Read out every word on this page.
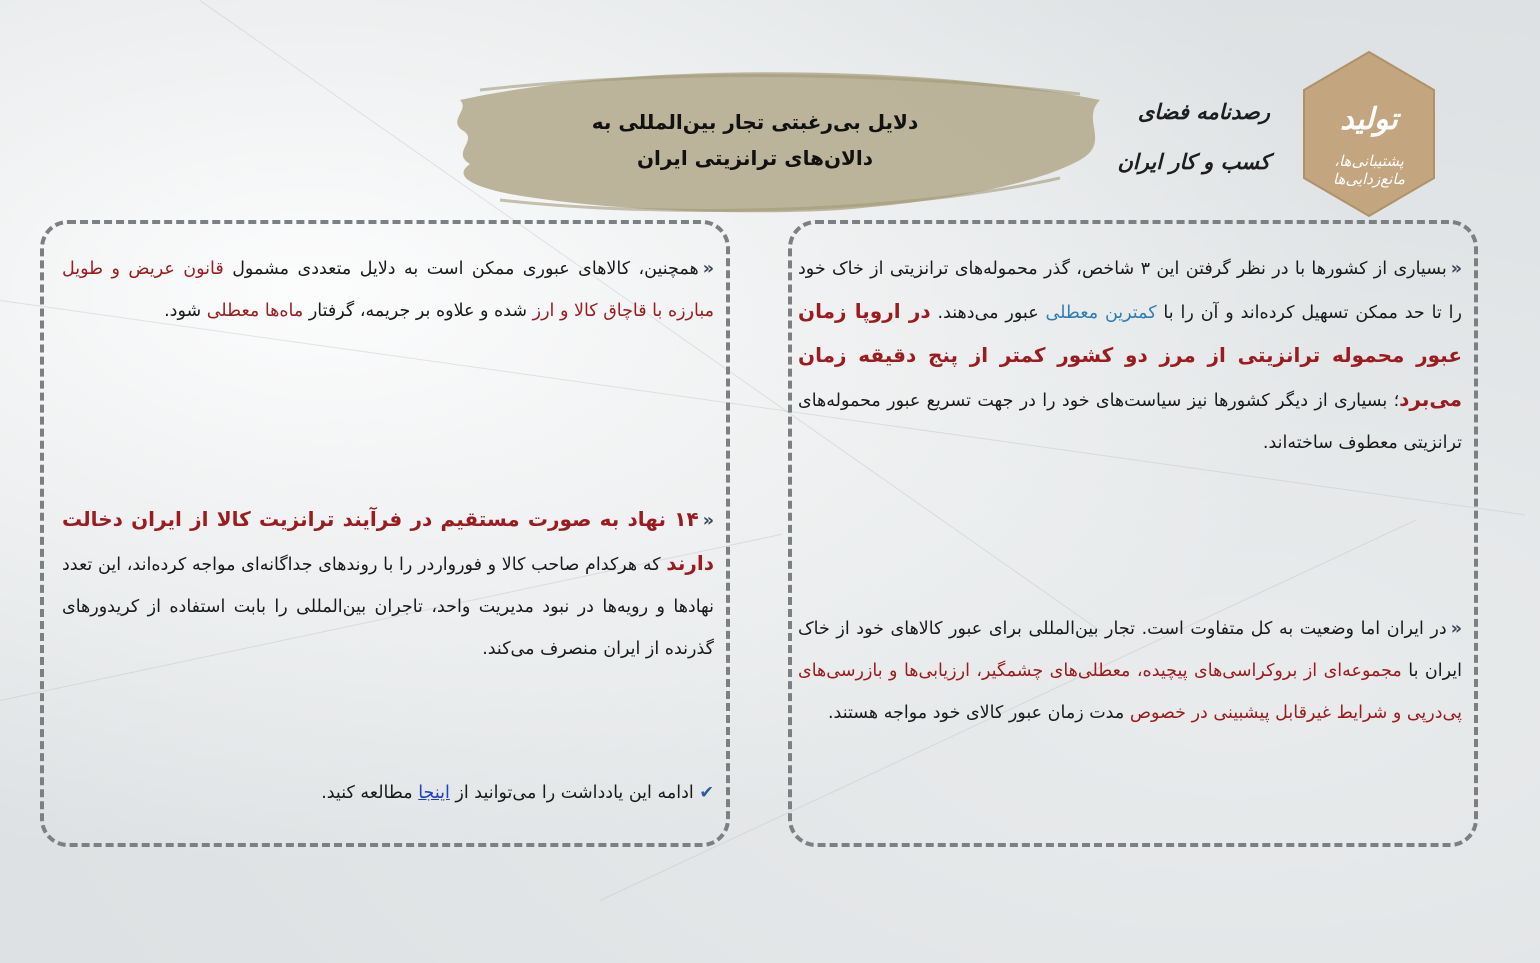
تولید
پشتیبانی‌ها، مانع‌زدایی‌ها
رصدنامه فضای
کسب و کار ایران
دلایل بی‌رغبتی تجار بین‌المللی به
دالان‌های ترانزیتی ایران
«بسیاری از کشورها با در نظر گرفتن این ۳ شاخص، گذر محموله‌های ترانزیتی از خاک خود را تا حد ممکن تسهیل کرده‌اند و آن را با کمترین معطلی عبور می‌دهند. در اروپا زمان عبور محموله ترانزیتی از مرز دو کشور کمتر از پنج دقیقه زمان می‌برد؛ بسیاری از دیگر کشورها نیز سیاست‌های خود را در جهت تسریع عبور محموله‌های ترانزیتی معطوف ساخته‌اند.
«در ایران اما وضعیت به کل متفاوت است. تجار بین‌المللی برای عبور کالاهای خود از خاک ایران با مجموعه‌ای از بروکراسی‌های پیچیده، معطلی‌های چشمگیر، ارزیابی‌ها و بازرسی‌های پی‌درپی و شرایط غیرقابل پیشبینی در خصوص مدت زمان عبور کالای خود مواجه هستند.
«همچنین، کالاهای عبوری ممکن است به دلایل متعددی مشمول قانون عریض و طویل مبارزه با قاچاق کالا و ارز شده و علاوه بر جریمه، گرفتار ماه‌ها معطلی شود.
«۱۴ نهاد به صورت مستقیم در فرآیند ترانزیت کالا از ایران دخالت دارند که هرکدام صاحب کالا و فورواردر را با روندهای جداگانه‌ای مواجه کرده‌اند، این تعدد نهادها و رویه‌ها در نبود مدیریت واحد، تاجران بین‌المللی را بابت استفاده از کریدورهای گذرنده از ایران منصرف می‌کند.
✔ ادامه این یادداشت را می‌توانید از اینجا مطالعه کنید.
